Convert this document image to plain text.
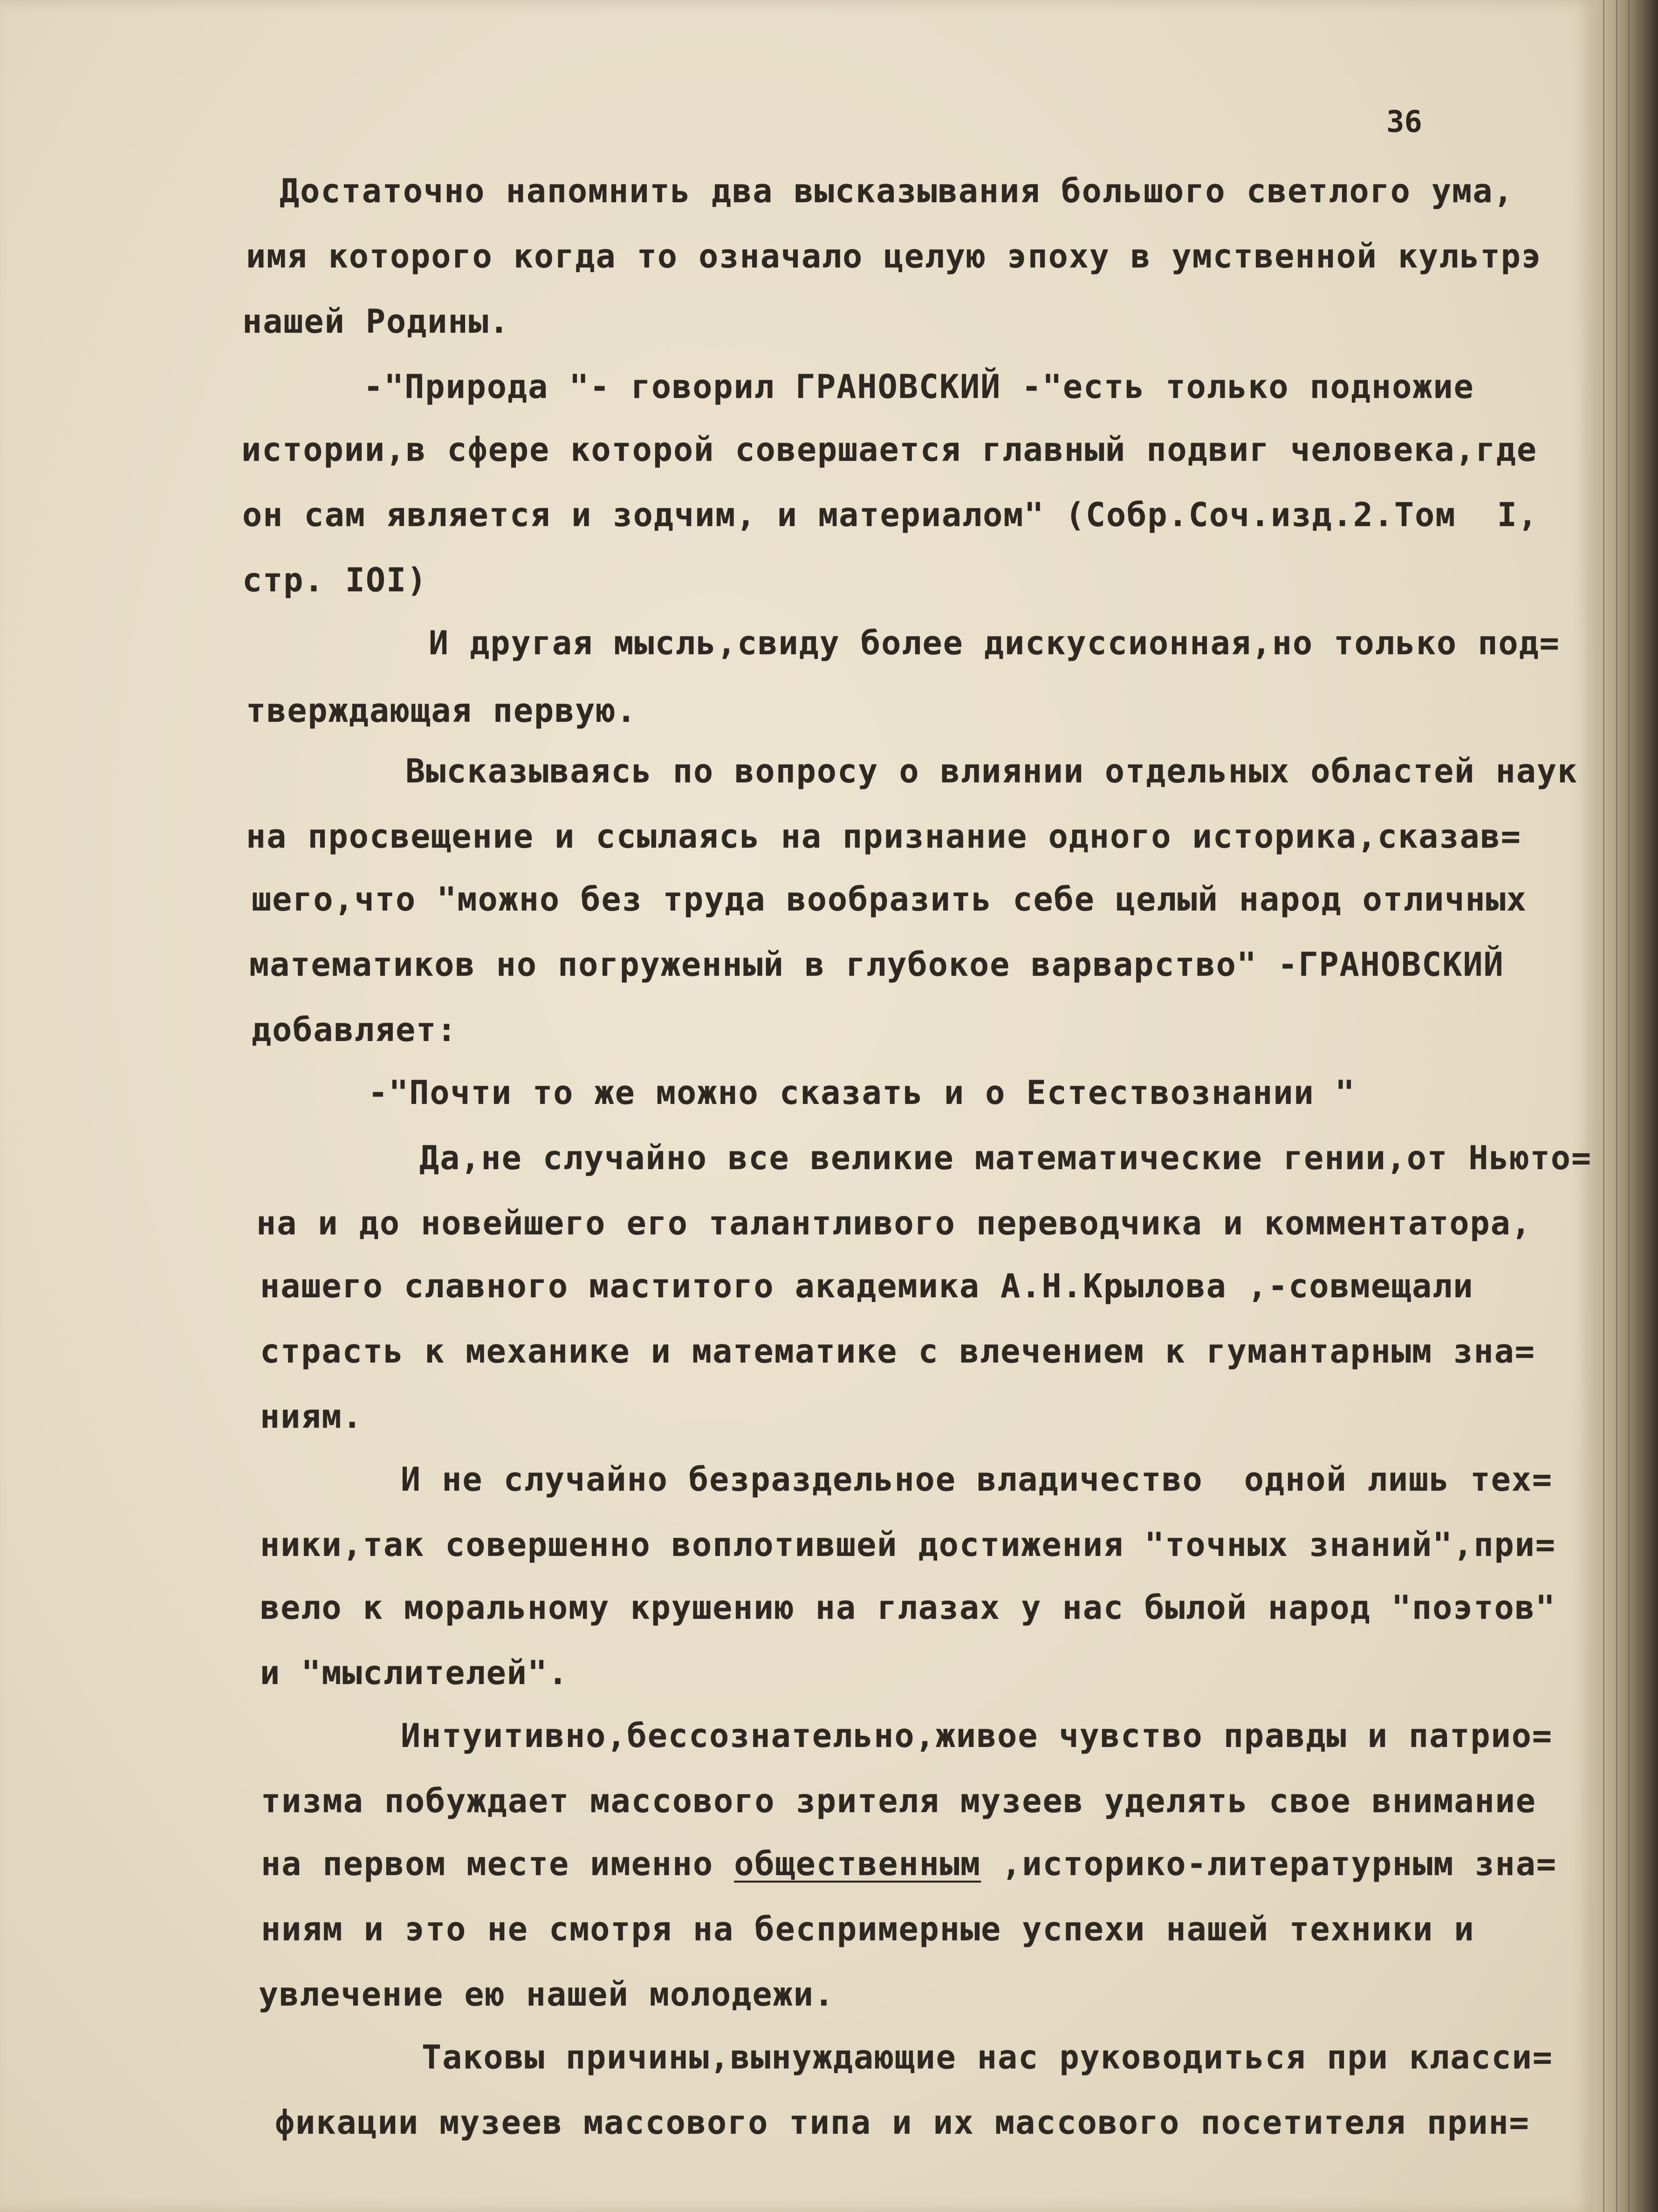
36
Достаточно напомнить два высказывания большого светлого ума,
имя которого когда то означало целую эпоху в умственной культрэ
нашей Родины.
-"Природа "- говорил ГРАНОВСКИЙ -"есть только подножие
истории,в сфере которой совершается главный подвиг человека,где
он сам является и зодчим, и материалом" (Собр.Соч.изд.2.Том  I,
стр. IOI)
И другая мысль,свиду более дискуссионная,но только под=
тверждающая первую.
Высказываясь по вопросу о влиянии отдельных областей наук
на просвещение и ссылаясь на признание одного историка,сказав=
шего,что "можно без труда вообразить себе целый народ отличных
математиков но погруженный в глубокое варварство" -ГРАНОВСКИЙ
добавляет:
-"Почти то же можно сказать и о Естествознании "
Да,не случайно все великие математические гении,от Ньюто=
на и до новейшего его талантливого переводчика и комментатора,
нашего славного маститого академика А.Н.Крылова ,-совмещали
страсть к механике и математике с влечением к гумантарным зна=
ниям.
И не случайно безраздельное владичество  одной лишь тех=
ники,так совершенно воплотившей достижения "точных знаний",при=
вело к моральному крушению на глазах у нас былой народ "поэтов"
и "мыслителей".
Интуитивно,бессознательно,живое чувство правды и патрио=
тизма побуждает массового зрителя музеев уделять свое внимание
на первом месте именно общественным ,историко-литературным зна=
ниям и это не смотря на беспримерные успехи нашей техники и
увлечение ею нашей молодежи.
Таковы причины,вынуждающие нас руководиться при класси=
фикации музеев массового типа и их массового посетителя прин=
